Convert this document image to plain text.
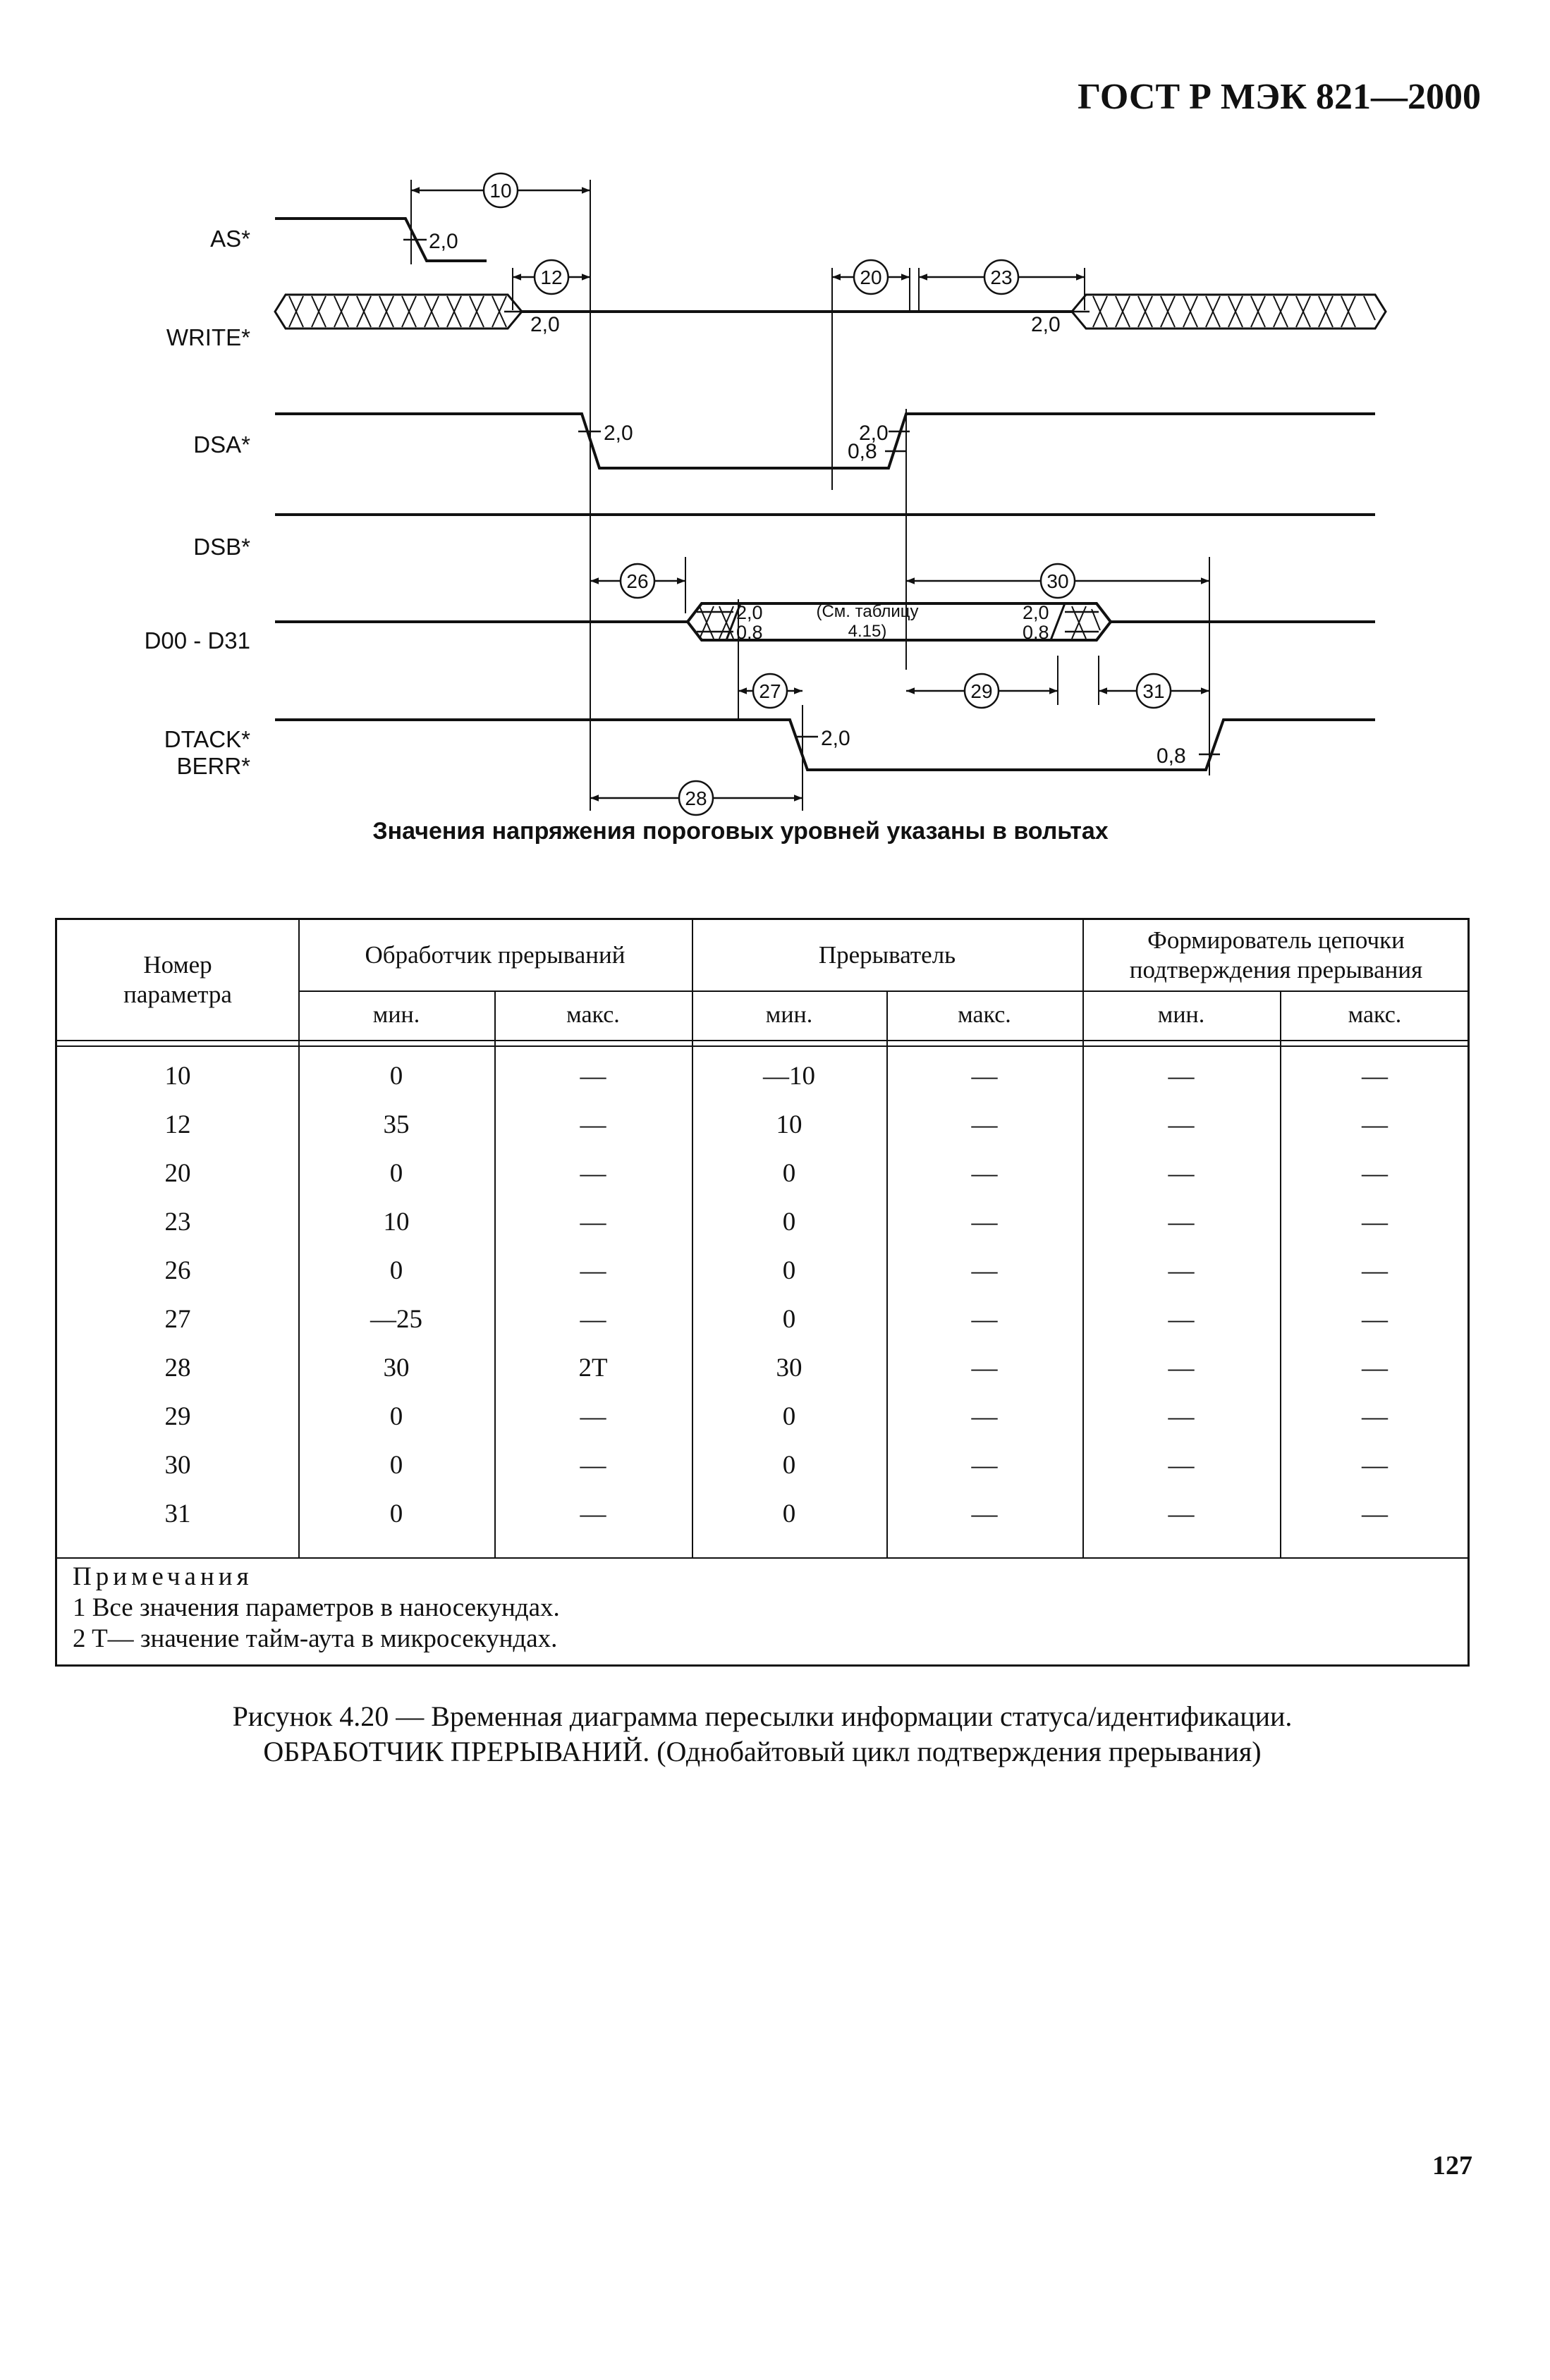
ГОСТ Р МЭК 821—2000
AS*
WRITE*
DSA*
DSB*
D00 - D31
DTACK*
BERR*
10
12	20	23
26
27
28
29
30
31
2,0
2,0	2,0
2,0	2,0
0,8
2,0
0,8
2,0
0,8
2,0
0,8
(См. таблицу
4.15)
Значения напряжения пороговых уровней указаны в вольтах
Номер
параметра
Обработчик прерываний	Прерыватель
Формирователь цепочки
подтверждения прерывания
мин.	макс.	мин.	макс.	мин.	макс.
10	0	—	—10	—	—	—
12	35	—	10	—	—	—
20	0	—	0	—	—	—
23	10	—	0	—	—	—
26	0	—	0	—	—	—
27	—25	—	0	—	—	—
28	30	2T	30	—	—	—
29	0	—	0	—	—	—
30	0	—	0	—	—	—
31	0	—	0	—	—	—
Примечания
1 Все значения параметров в наносекундах.
2 T— значение тайм-аута в микросекундах.
Рисунок 4.20 — Временная диаграмма пересылки информации статуса/идентификации.
ОБРАБОТЧИК ПРЕРЫВАНИЙ. (Однобайтовый цикл подтверждения прерывания)
127
